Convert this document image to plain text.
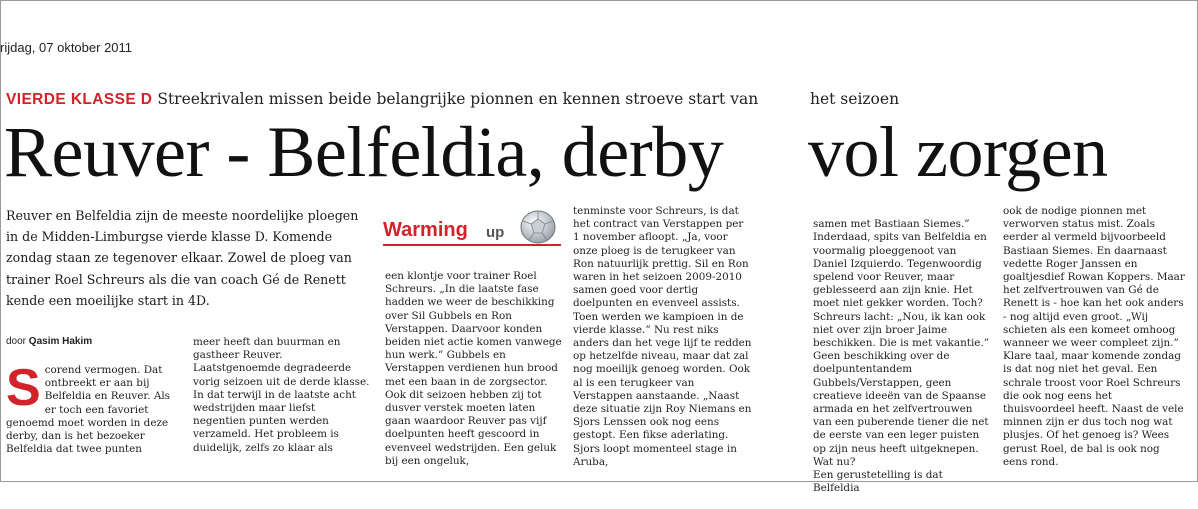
rijdag, 07 oktober 2011
VIERDE KLASSE D Streekrivalen missen beide belangrijke pionnen en kennen stroeve start van	het seizoen
Reuver - Belfeldia, derby vol zorgen
Reuver en Belfeldia zijn de meeste noordelijke ploegen in de Midden-Limburgse vierde klasse D. Komende zondag staan ze tegenover elkaar. Zowel de ploeg van trainer Roel Schreurs als die van coach Gé de Renett kende een moeilijke start in 4D.
door Qasim Hakim
S corend vermogen. Dat ontbreekt er aan bij Belfeldia en Reuver. Als er toch een favoriet genoemd moet worden in deze derby, dan is het bezoeker Belfeldia dat twee punten

meer heeft dan buurman en gastheer Reuver. Laatstgenoemde degradeerde vorig seizoen uit de derde klasse. In dat terwijl in de laatste acht wedstrijden maar liefst negentien punten werden verzameld. Het probleem is duidelijk, zelfs zo klaar als

Warming up

een klontje voor trainer Roel Schreurs. „In die laatste fase hadden we weer de beschikking over Sil Gubbels en Ron Verstappen. Daarvoor konden beiden niet actie komen vanwege hun werk.” Gubbels en Verstappen verdienen hun brood met een baan in de zorgsector. Ook dit seizoen hebben zij tot dusver verstek moeten laten gaan waardoor Reuver pas vijf doelpunten heeft gescoord in evenveel wedstrijden. Een geluk bij een ongeluk,

tenminste voor Schreurs, is dat het contract van Verstappen per 1 november afloopt. „Ja, voor onze ploeg is de terugkeer van Ron natuurlijk prettig. Sil en Ron waren in het seizoen 2009-2010 samen goed voor dertig doelpunten en evenveel assists. Toen werden we kampioen in de vierde klasse.” Nu rest niks anders dan het vege lijf te redden op hetzelfde niveau, maar dat zal nog moeilijk genoeg worden. Ook al is een terugkeer van Verstappen aanstaande. „Naast deze situatie zijn Roy Niemans en Sjors Lenssen ook nog eens gestopt. Een fikse aderlating. Sjors loopt momenteel stage in Aruba,

samen met Bastiaan Siemes.” Inderdaad, spits van Belfeldia en voormalig ploeggenoot van Daniel Izquierdo. Tegenwoordig spelend voor Reuver, maar geblesseerd aan zijn knie. Het moet niet gekker worden. Toch? Schreurs lacht: „Nou, ik kan ook niet over zijn broer Jaime beschikken. Die is met vakantie.” Geen beschikking over de doelpuntentandem Gubbels/Verstappen, geen creatieve ideeën van de Spaanse armada en het zelfvertrouwen van een puberende tiener die net de eerste van een leger puisten op zijn neus heeft uitgeknepen. Wat nu?
Een gerustetelling is dat Belfeldia

ook de nodige pionnen met verworven status mist. Zoals eerder al vermeld bijvoorbeeld Bastiaan Siemes. En daarnaast vedette Roger Janssen en goaltjesdief Rowan Koppers. Maar het zelfvertrouwen van Gé de Renett is - hoe kan het ook anders - nog altijd even groot. „Wij schieten als een komeet omhoog wanneer we weer compleet zijn.” Klare taal, maar komende zondag is dat nog niet het geval. Een schrale troost voor Roel Schreurs die ook nog eens het thuisvoordeel heeft. Naast de vele minnen zijn er dus toch nog wat plusjes. Of het genoeg is? Wees gerust Roel, de bal is ook nog eens rond.
